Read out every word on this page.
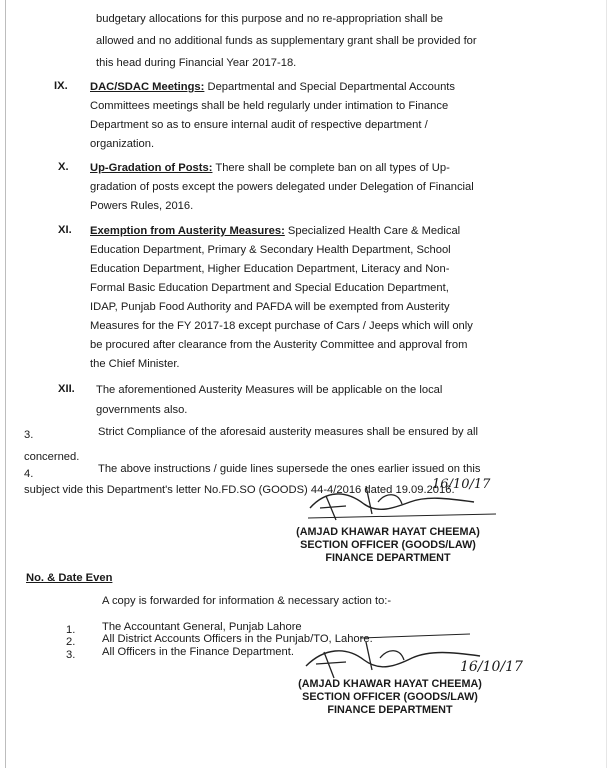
budgetary allocations for this purpose and no re-appropriation shall be
allowed and no additional funds as supplementary grant shall be provided for
this head during Financial Year 2017-18.
IX. DAC/SDAC Meetings: Departmental and Special Departmental Accounts
Committees meetings shall be held regularly under intimation to Finance
Department so as to ensure internal audit of respective department /
organization.
X. Up-Gradation of Posts: There shall be complete ban on all types of Up-
gradation of posts except the powers delegated under Delegation of Financial
Powers Rules, 2016.
XI. Exemption from Austerity Measures: Specialized Health Care & Medical
Education Department, Primary & Secondary Health Department, School
Education Department, Higher Education Department, Literacy and Non-
Formal Basic Education Department and Special Education Department,
IDAP, Punjab Food Authority and PAFDA will be exempted from Austerity
Measures for the FY 2017-18 except purchase of Cars / Jeeps which will only
be procured after clearance from the Austerity Committee and approval from
the Chief Minister.
XII. The aforementioned Austerity Measures will be applicable on the local
governments also.
3.	Strict Compliance of the aforesaid austerity measures shall be ensured by all
concerned.
4.	The above instructions / guide lines supersede the ones earlier issued on this
subject vide this Department's letter No.FD.SO (GOODS) 44-4/2016 dated 19.09.2016.
16/10/17
(AMJAD KHAWAR HAYAT CHEEMA)
SECTION OFFICER (GOODS/LAW)
FINANCE DEPARTMENT
No. & Date Even
A copy is forwarded for information & necessary action to:-
1. The Accountant General, Punjab Lahore
2. All District Accounts Officers in the Punjab/TO, Lahore.
3. All Officers in the Finance Department.
16/10/17
(AMJAD KHAWAR HAYAT CHEEMA)
SECTION OFFICER (GOODS/LAW)
FINANCE DEPARTMENT
